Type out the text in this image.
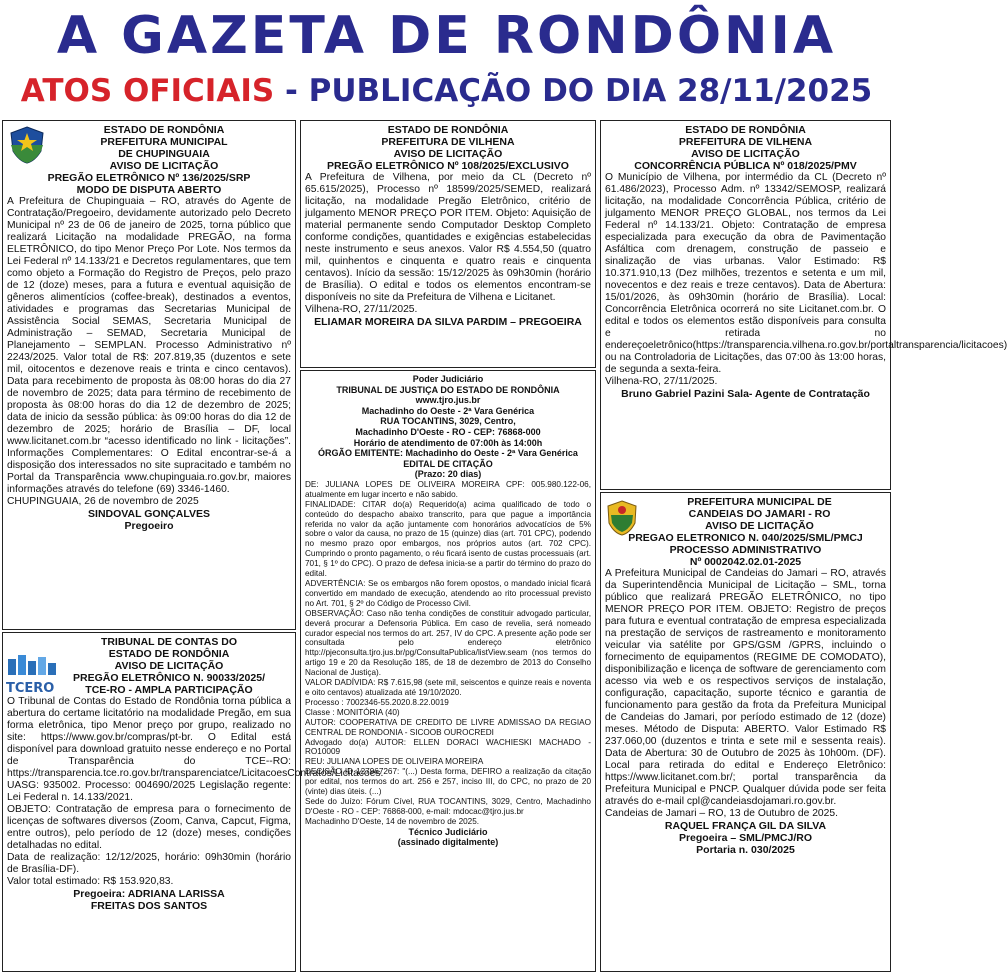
A GAZETA DE RONDÔNIA
ATOS OFICIAIS - PUBLICAÇÃO DO DIA 28/11/2025

ESTADO DE RONDÔNIA

PREFEITURA MUNICIPAL

DE CHUPINGUAIA

AVISO DE LICITAÇÃO

PREGÃO ELETRÔNICO Nº 136/2025/SRP

MODO DE DISPUTA ABERTO

A Prefeitura de Chupinguaia – RO, através do Agente de Contratação/Pregoeiro, devidamente autorizado pelo Decreto Municipal nº 23 de 06 de janeiro de 2025, torna público que realizará Licitação na modalidade PREGÃO, na forma ELETRÔNICO, do tipo Menor Preço Por Lote. Nos termos da Lei Federal nº 14.133/21 e Decretos regulamentares, que tem como objeto a Formação do Registro de Preços, pelo prazo de 12 (doze) meses, para a futura e eventual aquisição de gêneros alimentícios (coffee-break), destinados a eventos, atividades e programas das Secretarias Municipal de Assistência Social SEMAS, Secretaria Municipal de Administração – SEMAD, Secretaria Municipal de Planejamento – SEMPLAN. Processo Administrativo nº 2243/2025. Valor total de R$: 207.819,35 (duzentos e sete mil, oitocentos e dezenove reais e trinta e cinco centavos). Data para recebimento de proposta às 08:00 horas do dia 27 de novembro de 2025; data para término de recebimento de proposta às 08:00 horas do dia 12 de dezembro de 2025; data de inicio da sessão pública: às 09:00 horas do dia 12 de dezembro de 2025; horário de Brasília – DF, local www.licitanet.com.br “acesso identificado no link - licitações”. Informações Complementares: O Edital encontrar-se-á a disposição dos interessados no site supracitado e também no Portal da Transparência www.chupinguaia.ro.gov.br, maiores informações através do telefone (69) 3346-1460.

CHUPINGUAIA, 26 de novembro de 2025

SINDOVAL GONÇALVES

Pregoeiro

TCERO

TRIBUNAL DE CONTAS DO

ESTADO DE RONDÔNIA

AVISO DE LICITAÇÃO

PREGÃO ELETRÔNICO N. 90033/2025/

TCE-RO - AMPLA PARTICIPAÇÃO

O Tribunal de Contas do Estado de Rondônia torna pública a abertura do certame licitatório na modalidade Pregão, em sua forma eletrônica, tipo Menor preço por grupo, realizado no site: https://www.gov.br/compras/pt-br. O Edital está disponível para download gratuito nesse endereço e no Portal de Transparência do TCE--RO: https://transparencia.tce.ro.gov.br/transparenciatce/LicitacoesContratos/Licitacoes.

UASG: 935002. Processo: 004690/2025 Legislação regente: Lei Federal n. 14.133/2021.

OBJETO: Contratação de empresa para o fornecimento de licenças de softwares diversos (Zoom, Canva, Capcut, Figma, entre outros), pelo período de 12 (doze) meses, condições detalhadas no edital.

Data de realização: 12/12/2025, horário: 09h30min (horário de Brasília-DF).

Valor total estimado: R$ 153.920,83.

Pregoeira: ADRIANA LARISSA

FREITAS DOS SANTOS

ESTADO DE RONDÔNIA

PREFEITURA DE VILHENA

AVISO DE LICITAÇÃO

PREGÃO ELETRÔNICO Nº 108/2025/EXCLUSIVO

A Prefeitura de Vilhena, por meio da CL (Decreto nº 65.615/2025), Processo nº 18599/2025/SEMED, realizará licitação, na modalidade Pregão Eletrônico, critério de julgamento MENOR PREÇO POR ITEM. Objeto: Aquisição de material permanente sendo Computador Desktop Completo conforme condições, quantidades e exigências estabelecidas neste instrumento e seus anexos. Valor R$ 4.554,50 (quatro mil, quinhentos e cinquenta e quatro reais e cinquenta centavos). Início da sessão: 15/12/2025 às 09h30min (horário de Brasília). O edital e todos os elementos encontram-se disponíveis no site da Prefeitura de Vilhena e Licitanet.

Vilhena-RO, 27/11/2025.

ELIAMAR MOREIRA DA SILVA PARDIM – PREGOEIRA

Poder Judiciário

TRIBUNAL DE JUSTIÇA DO ESTADO DE RONDÔNIA

www.tjro.jus.br

Machadinho do Oeste - 2ª Vara Genérica

RUA TOCANTINS, 3029, Centro,

Machadinho D'Oeste - RO - CEP: 76868-000

Horário de atendimento de 07:00h às 14:00h

ÓRGÃO EMITENTE: Machadinho do Oeste - 2ª Vara Genérica

EDITAL DE CITAÇÃO

(Prazo: 20 dias)

DE: JULIANA LOPES DE OLIVEIRA MOREIRA CPF: 005.980.122-06, atualmente em lugar incerto e não sabido.

FINALIDADE: CITAR do(a) Requerido(a) acima qualificado de todo o conteúdo do despacho abaixo transcrito, para que pague a importância referida no valor da ação juntamente com honorários advocatícios de 5% sobre o valor da causa, no prazo de 15 (quinze) dias (art. 701 CPC), podendo no mesmo prazo opor embargos, nos próprios autos (art. 702 CPC). Cumprindo o pronto pagamento, o réu ficará isento de custas processuais (art. 701, § 1º do CPC). O prazo de defesa inicia-se a partir do término do prazo do edital.

ADVERTÊNCIA: Se os embargos não forem opostos, o mandado inicial ficará convertido em mandado de execução, atendendo ao rito processual previsto no Art. 701, § 2º do Código de Processo Civil.

OBSERVAÇÃO: Caso não tenha condições de constituir advogado particular, deverá procurar a Defensoria Pública. Em caso de revelia, será nomeado curador especial nos termos do art. 257, IV do CPC. A presente ação pode ser consultada pelo endereço eletrônico http://pjeconsulta.tjro.jus.br/pg/ConsultaPublica/listView.seam (nos termos do artigo 19 e 20 da Resolução 185, de 18 de dezembro de 2013 do Conselho Nacional de Justiça).

VALOR DADÍVIDA: R$ 7.615,98 (sete mil, seiscentos e quinze reais e noventa e oito centavos) atualizada até 19/10/2020.

Processo : 7002346-55.2020.8.22.0019

Classe : MONITÓRIA (40)

AUTOR: COOPERATIVA DE CREDITO DE LIVRE ADMISSAO DA REGIAO CENTRAL DE RONDONIA - SICOOB OUROCREDI

Advogado do(a) AUTOR: ELLEN DORACI WACHIESKI MACHADO - RO10009

REU: JULIANA LOPES DE OLIVEIRA MOREIRA

DECISÃO ID 127967267: "(...) Desta forma, DEFIRO a realização da citação por edital, nos termos do art. 256 e 257, inciso III, do CPC, no prazo de 20 (vinte) dias úteis. (...)

Sede do Juízo: Fórum Cível, RUA TOCANTINS, 3029, Centro, Machadinho D'Oeste - RO - CEP: 76868-000, e-mail: mdocac@tjro.jus.br

Machadinho D'Oeste, 14 de novembro de 2025.

Técnico Judiciário

(assinado digitalmente)

ESTADO DE RONDÔNIA

PREFEITURA DE VILHENA

AVISO DE LICITAÇÃO

CONCORRÊNCIA PÚBLICA Nº 018/2025/PMV

O Município de Vilhena, por intermédio da CL (Decreto nº 61.486/2023), Processo Adm. nº 13342/SEMOSP, realizará licitação, na modalidade Concorrência Pública, critério de julgamento MENOR PREÇO GLOBAL, nos termos da Lei Federal nº 14.133/21. Objeto: Contratação de empresa especializada para execução da obra de Pavimentação Asfáltica com drenagem, construção de passeio e sinalização de vias urbanas. Valor Estimado: R$ 10.371.910,13 (Dez milhões, trezentos e setenta e um mil, novecentos e dez reais e treze centavos). Data de Abertura: 15/01/2026, às 09h30min (horário de Brasília). Local: Concorrência Eletrônica ocorrerá no site Licitanet.com.br. O edital e todos os elementos estão disponíveis para consulta e retirada no endereçoeletrônico(https://transparencia.vilhena.ro.gov.br/portaltransparencia/licitacoes) ou na Controladoria de Licitações, das 07:00 às 13:00 horas, de segunda a sexta-feira.

Vilhena-RO, 27/11/2025.

Bruno Gabriel Pazini Sala- Agente de Contratação

PREFEITURA MUNICIPAL DE

CANDEIAS DO JAMARI - RO

AVISO DE LICITAÇÃO

PREGAO ELETRONICO N. 040/2025/SML/PMCJ

PROCESSO ADMINISTRATIVO

Nº 0002042.02.01-2025

A Prefeitura Municipal de Candeias do Jamari – RO, através da Superintendência Municipal de Licitação – SML, torna público que realizará PREGÃO ELETRÔNICO, no tipo MENOR PREÇO POR ITEM. OBJETO: Registro de preços para futura e eventual contratação de empresa especializada na prestação de serviços de rastreamento e monitoramento veicular via satélite por GPS/GSM /GPRS, incluindo o fornecimento de equipamentos (REGIME DE COMODATO), disponibilização e licença de software de gerenciamento com acesso via web e os respectivos serviços de instalação, configuração, capacitação, suporte técnico e garantia de funcionamento para gestão da frota da Prefeitura Municipal de Candeias do Jamari, por período estimado de 12 (doze) meses. Método de Disputa: ABERTO. Valor Estimado R$ 237.060,00 (duzentos e trinta e sete mil e sessenta reais). Data de Abertura: 30 de Outubro de 2025 às 10h00m. (DF). Local para retirada do edital e Endereço Eletrônico: https://www.licitanet.com.br/; portal transparência da Prefeitura Municipal e PNCP. Qualquer dúvida pode ser feita através do e-mail cpl@candeiasdojamari.ro.gov.br.

Candeias de Jamari – RO, 13 de Outubro de 2025.

RAQUEL FRANÇA GIL DA SILVA

Pregoeira – SML/PMCJ/RO

Portaria n. 030/2025
